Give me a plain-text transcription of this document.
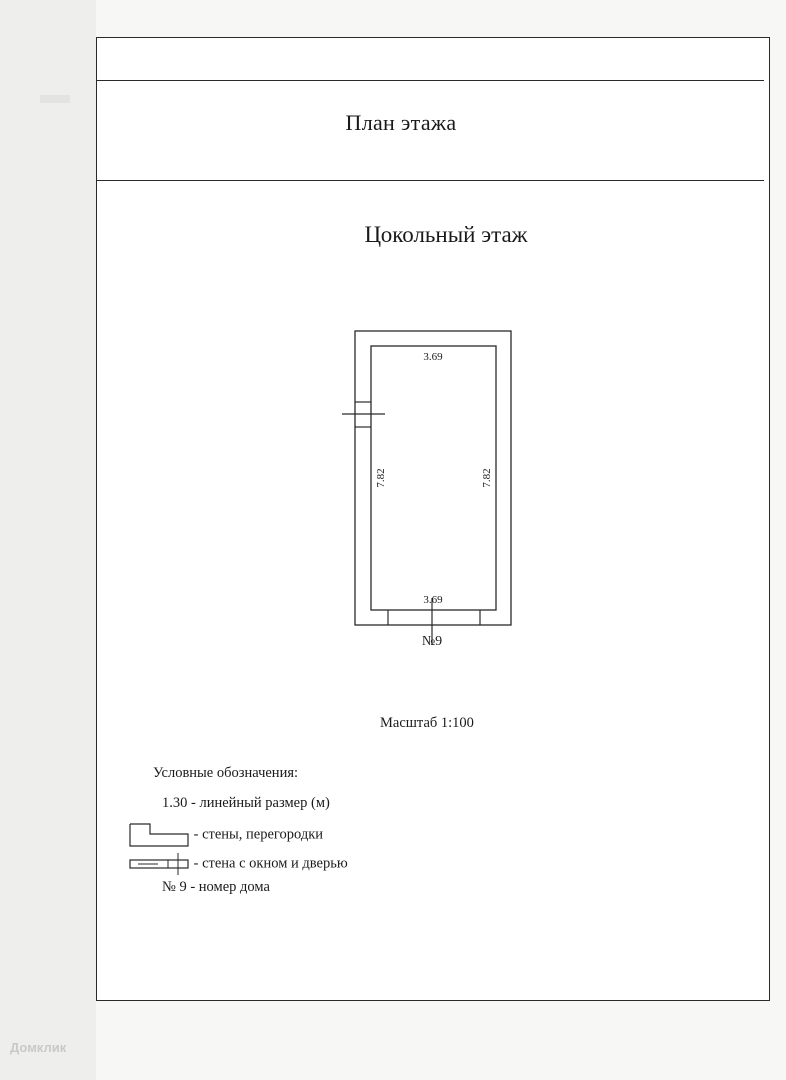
План этажа
Цокольный этаж
3.69
3.69
7.82	7.82
№9
Масштаб 1:100
Условные обозначения:
1.30 - линейный размер (м)
- стены, перегородки
- стена с окном и дверью
№ 9 - номер дома
Домклик
